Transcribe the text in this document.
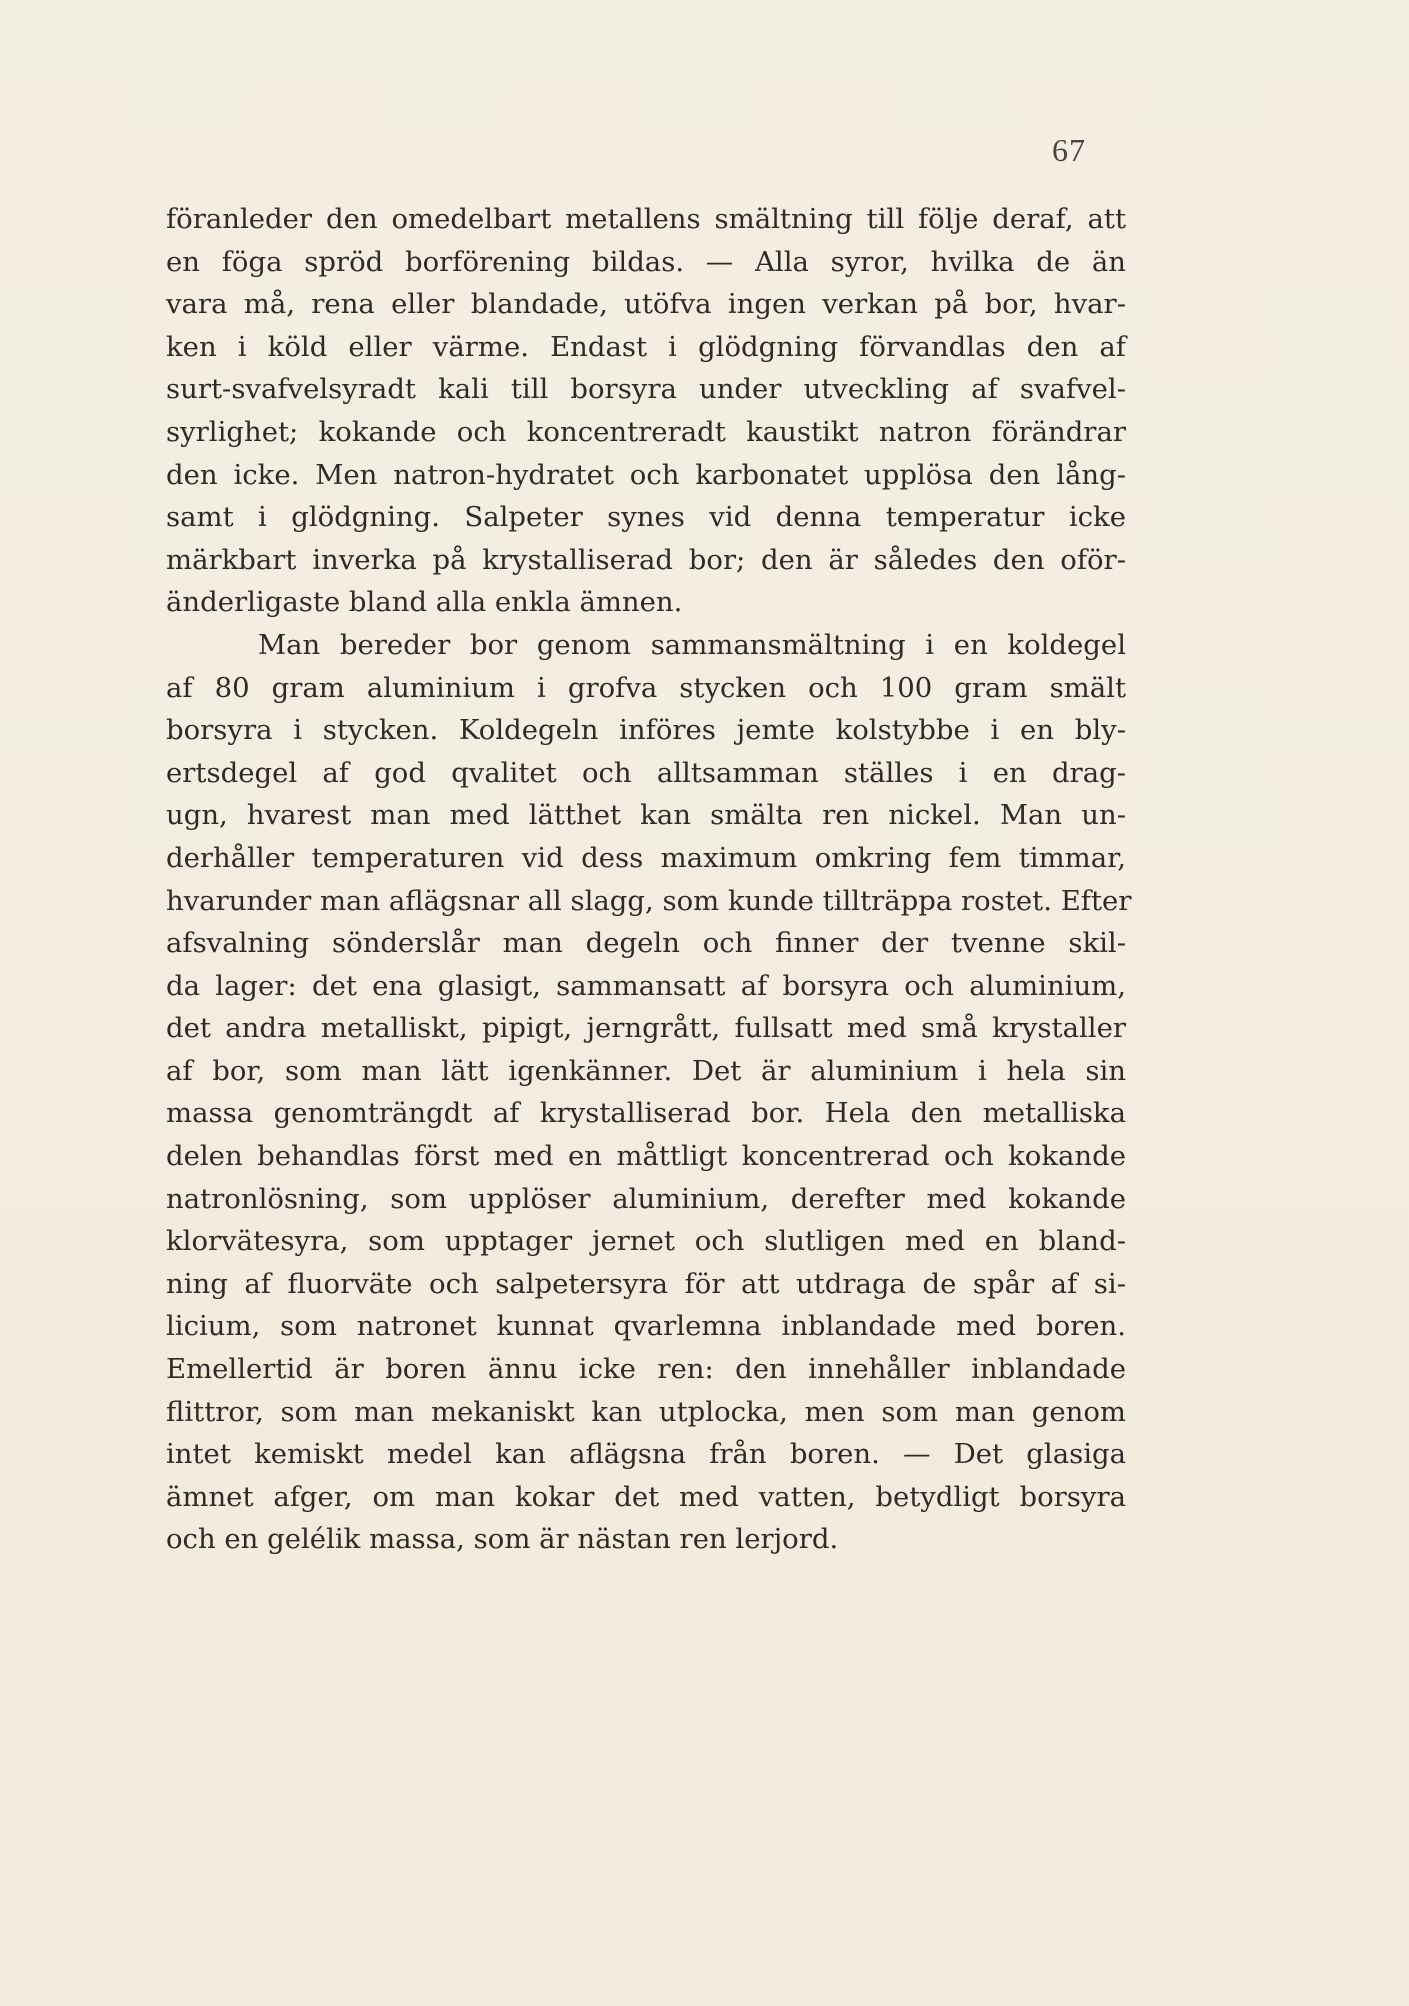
67
föranleder den omedelbart metallens smältning till följe deraf, att
en föga spröd borförening bildas. — Alla syror, hvilka de än
vara må, rena eller blandade, utöfva ingen verkan på bor, hvar-
ken i köld eller värme. Endast i glödgning förvandlas den af
surt-svafvelsyradt kali till borsyra under utveckling af svafvel-
syrlighet; kokande och koncentreradt kaustikt natron förändrar
den icke. Men natron-hydratet och karbonatet upplösa den lång-
samt i glödgning. Salpeter synes vid denna temperatur icke
märkbart inverka på krystalliserad bor; den är således den oför-
änderligaste bland alla enkla ämnen.
Man bereder bor genom sammansmältning i en koldegel
af 80 gram aluminium i grofva stycken och 100 gram smält
borsyra i stycken. Koldegeln införes jemte kolstybbe i en bly-
ertsdegel af god qvalitet och alltsamman ställes i en drag-
ugn, hvarest man med lätthet kan smälta ren nickel. Man un-
derhåller temperaturen vid dess maximum omkring fem timmar,
hvarunder man aflägsnar all slagg, som kunde tillträppa rostet. Efter
afsvalning sönderslår man degeln och finner der tvenne skil-
da lager: det ena glasigt, sammansatt af borsyra och aluminium,
det andra metalliskt, pipigt, jerngrått, fullsatt med små krystaller
af bor, som man lätt igenkänner. Det är aluminium i hela sin
massa genomträngdt af krystalliserad bor. Hela den metalliska
delen behandlas först med en måttligt koncentrerad och kokande
natronlösning, som upplöser aluminium, derefter med kokande
klorvätesyra, som upptager jernet och slutligen med en bland-
ning af fluorväte och salpetersyra för att utdraga de spår af si-
licium, som natronet kunnat qvarlemna inblandade med boren.
Emellertid är boren ännu icke ren: den innehåller inblandade
flittror, som man mekaniskt kan utplocka, men som man genom
intet kemiskt medel kan aflägsna från boren. — Det glasiga
ämnet afger, om man kokar det med vatten, betydligt borsyra
och en gelélik massa, som är nästan ren lerjord.
